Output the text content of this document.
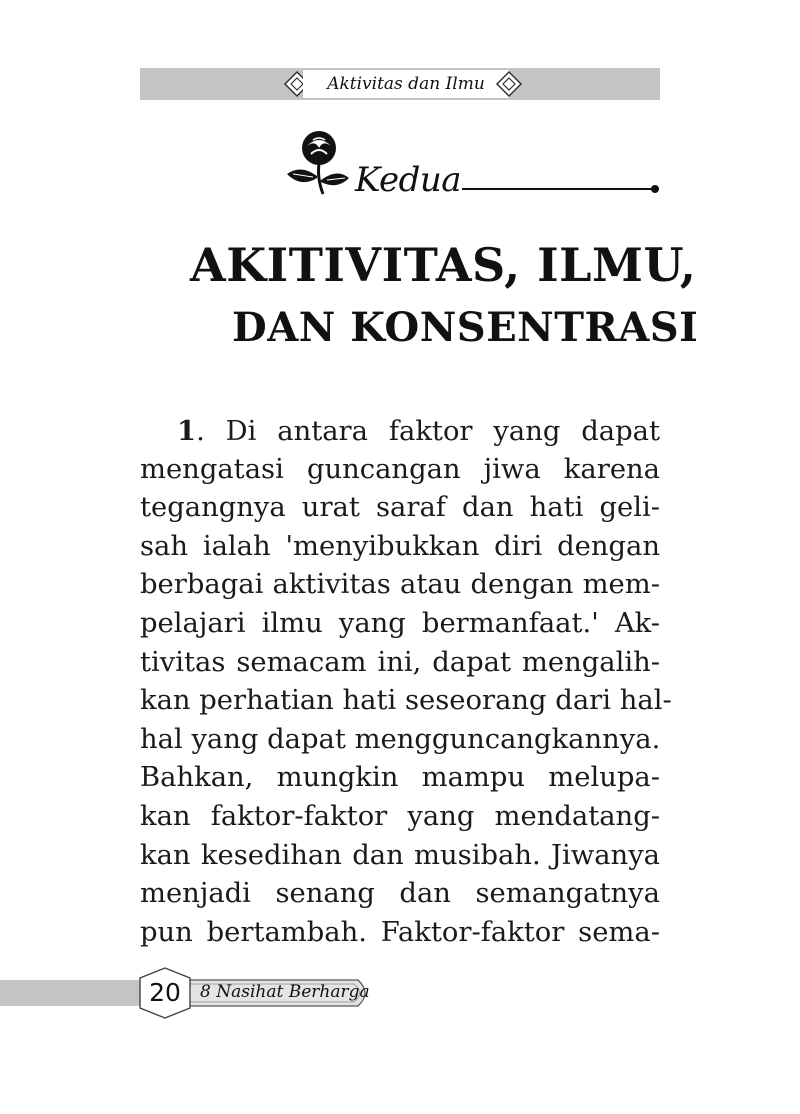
Aktivitas dan Ilmu
Kedua
AKITIVITAS, ILMU,
DAN KONSENTRASI
1. Di antara faktor yang dapat
mengatasi guncangan jiwa karena
tegangnya urat saraf dan hati geli-
sah ialah 'menyibukkan diri dengan
berbagai aktivitas atau dengan mem-
pelajari ilmu yang bermanfaat.' Ak-
tivitas semacam ini, dapat mengalih-
kan perhatian hati seseorang dari hal-
hal yang dapat mengguncangkannya.
Bahkan, mungkin mampu melupa-
kan faktor-faktor yang mendatang-
kan kesedihan dan musibah. Jiwanya
menjadi senang dan semangatnya
pun bertambah. Faktor-faktor sema-
20	8 Nasihat Berharga
